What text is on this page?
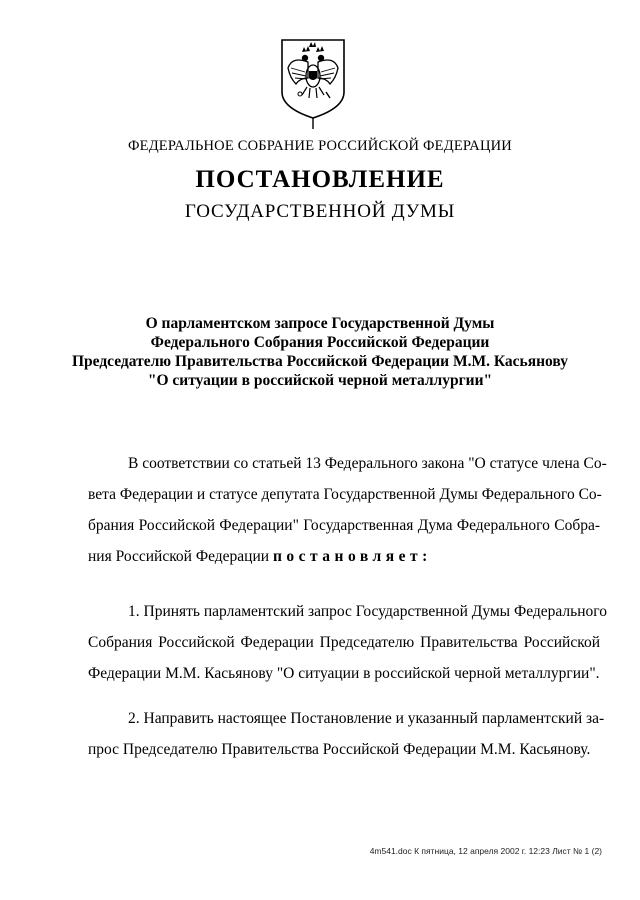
ФЕДЕРАЛЬНОЕ СОБРАНИЕ РОССИЙСКОЙ ФЕДЕРАЦИИ
ПОСТАНОВЛЕНИЕ
ГОСУДАРСТВЕННОЙ ДУМЫ
О парламентском запросе Государственной Думы
Федерального Собрания Российской Федерации
Председателю Правительства Российской Федерации М.М. Касьянову
"О ситуации в российской черной металлургии"
В соответствии со статьей 13 Федерального закона "О статусе члена Со-
вета Федерации и статусе депутата Государственной Думы Федерального Со-
брания Российской Федерации" Государственная Дума Федерального Собра-
ния Российской Федерации постановляет:
1. Принять парламентский запрос Государственной Думы Федерального
Собрания Российской Федерации Председателю Правительства Российской
Федерации М.М. Касьянову "О ситуации в российской черной металлургии".
2. Направить настоящее Постановление и указанный парламентский за-
прос Председателю Правительства Российской Федерации М.М. Касьянову.
4m541.doc К пятница, 12 апреля 2002 г. 12:23 Лист № 1 (2)
